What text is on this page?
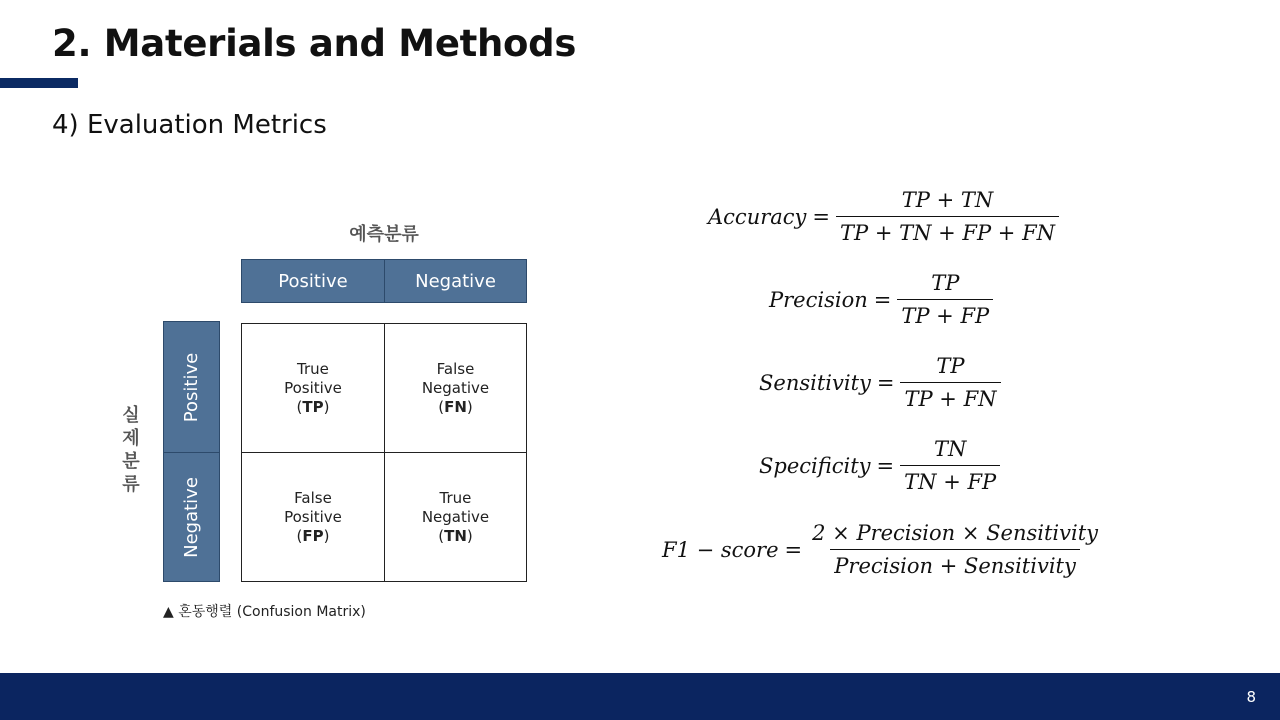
2. Materials and Methods
4) Evaluation Metrics
예측분류
실제분류
Positive	Negative
Positive
Negative
True
Positive
(TP)
False
Negative
(FN)
False
Positive
(FP)
True
Negative
(TN)
▲ 혼동행렬 (Confusion Matrix)
Accuracy = $\frac{TP + TN}{TP + TN + FP + FN}$
Precision = $\frac{TP}{TP + FP}$
Sensitivity = $\frac{TP}{TP + FN}$
Specificity = $\frac{TN}{TN + FP}$
F1 − score = $\frac{\text{2 × Precision × Sensitivity}}{\text{Precision + Sensitivity}}$
8
